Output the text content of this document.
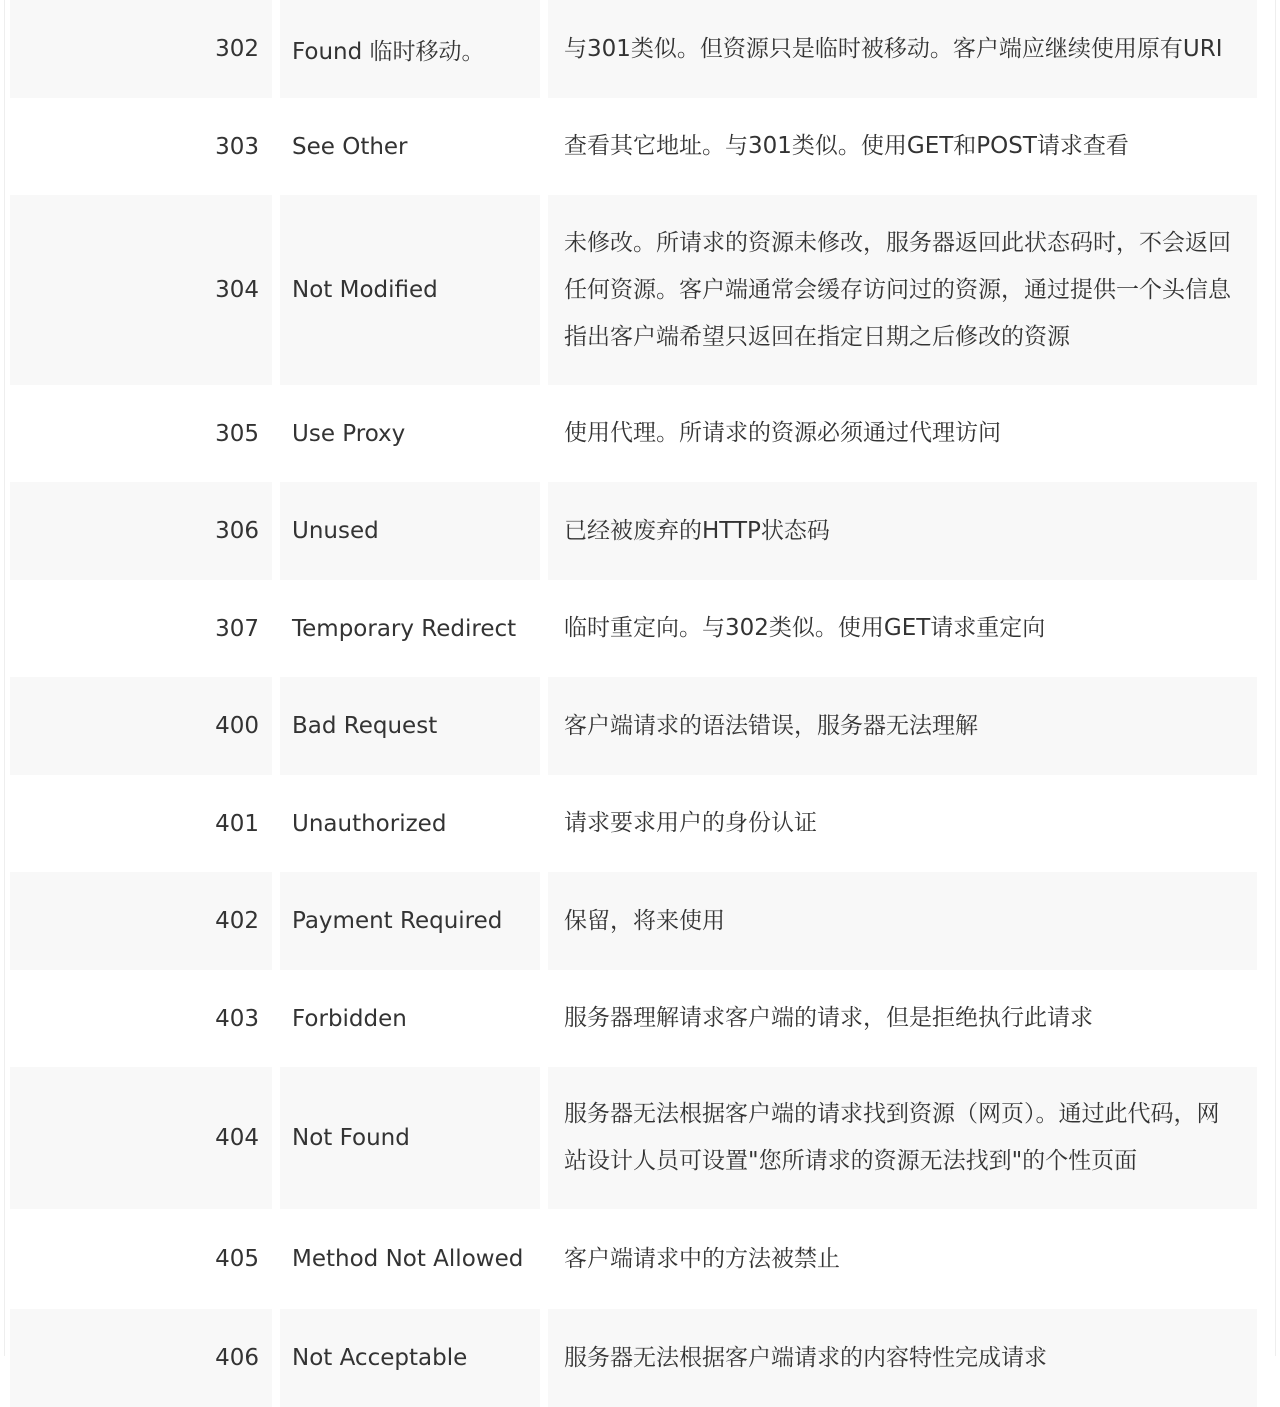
302	Found 临时移动。	与301类似。但资源只是临时被移动。客户端应继续使用原有URI
303	See Other	查看其它地址。与301类似。使用GET和POST请求查看
304	Not Modified	未修改。所请求的资源未修改，服务器返回此状态码时，不会返回任何资源。客户端通常会缓存访问过的资源，通过提供一个头信息指出客户端希望只返回在指定日期之后修改的资源
305	Use Proxy	使用代理。所请求的资源必须通过代理访问
306	Unused	已经被废弃的HTTP状态码
307	Temporary Redirect	临时重定向。与302类似。使用GET请求重定向
400	Bad Request	客户端请求的语法错误，服务器无法理解
401	Unauthorized	请求要求用户的身份认证
402	Payment Required	保留，将来使用
403	Forbidden	服务器理解请求客户端的请求，但是拒绝执行此请求
404	Not Found	服务器无法根据客户端的请求找到资源（网页）。通过此代码，网站设计人员可设置"您所请求的资源无法找到"的个性页面
405	Method Not Allowed	客户端请求中的方法被禁止
406	Not Acceptable	服务器无法根据客户端请求的内容特性完成请求
